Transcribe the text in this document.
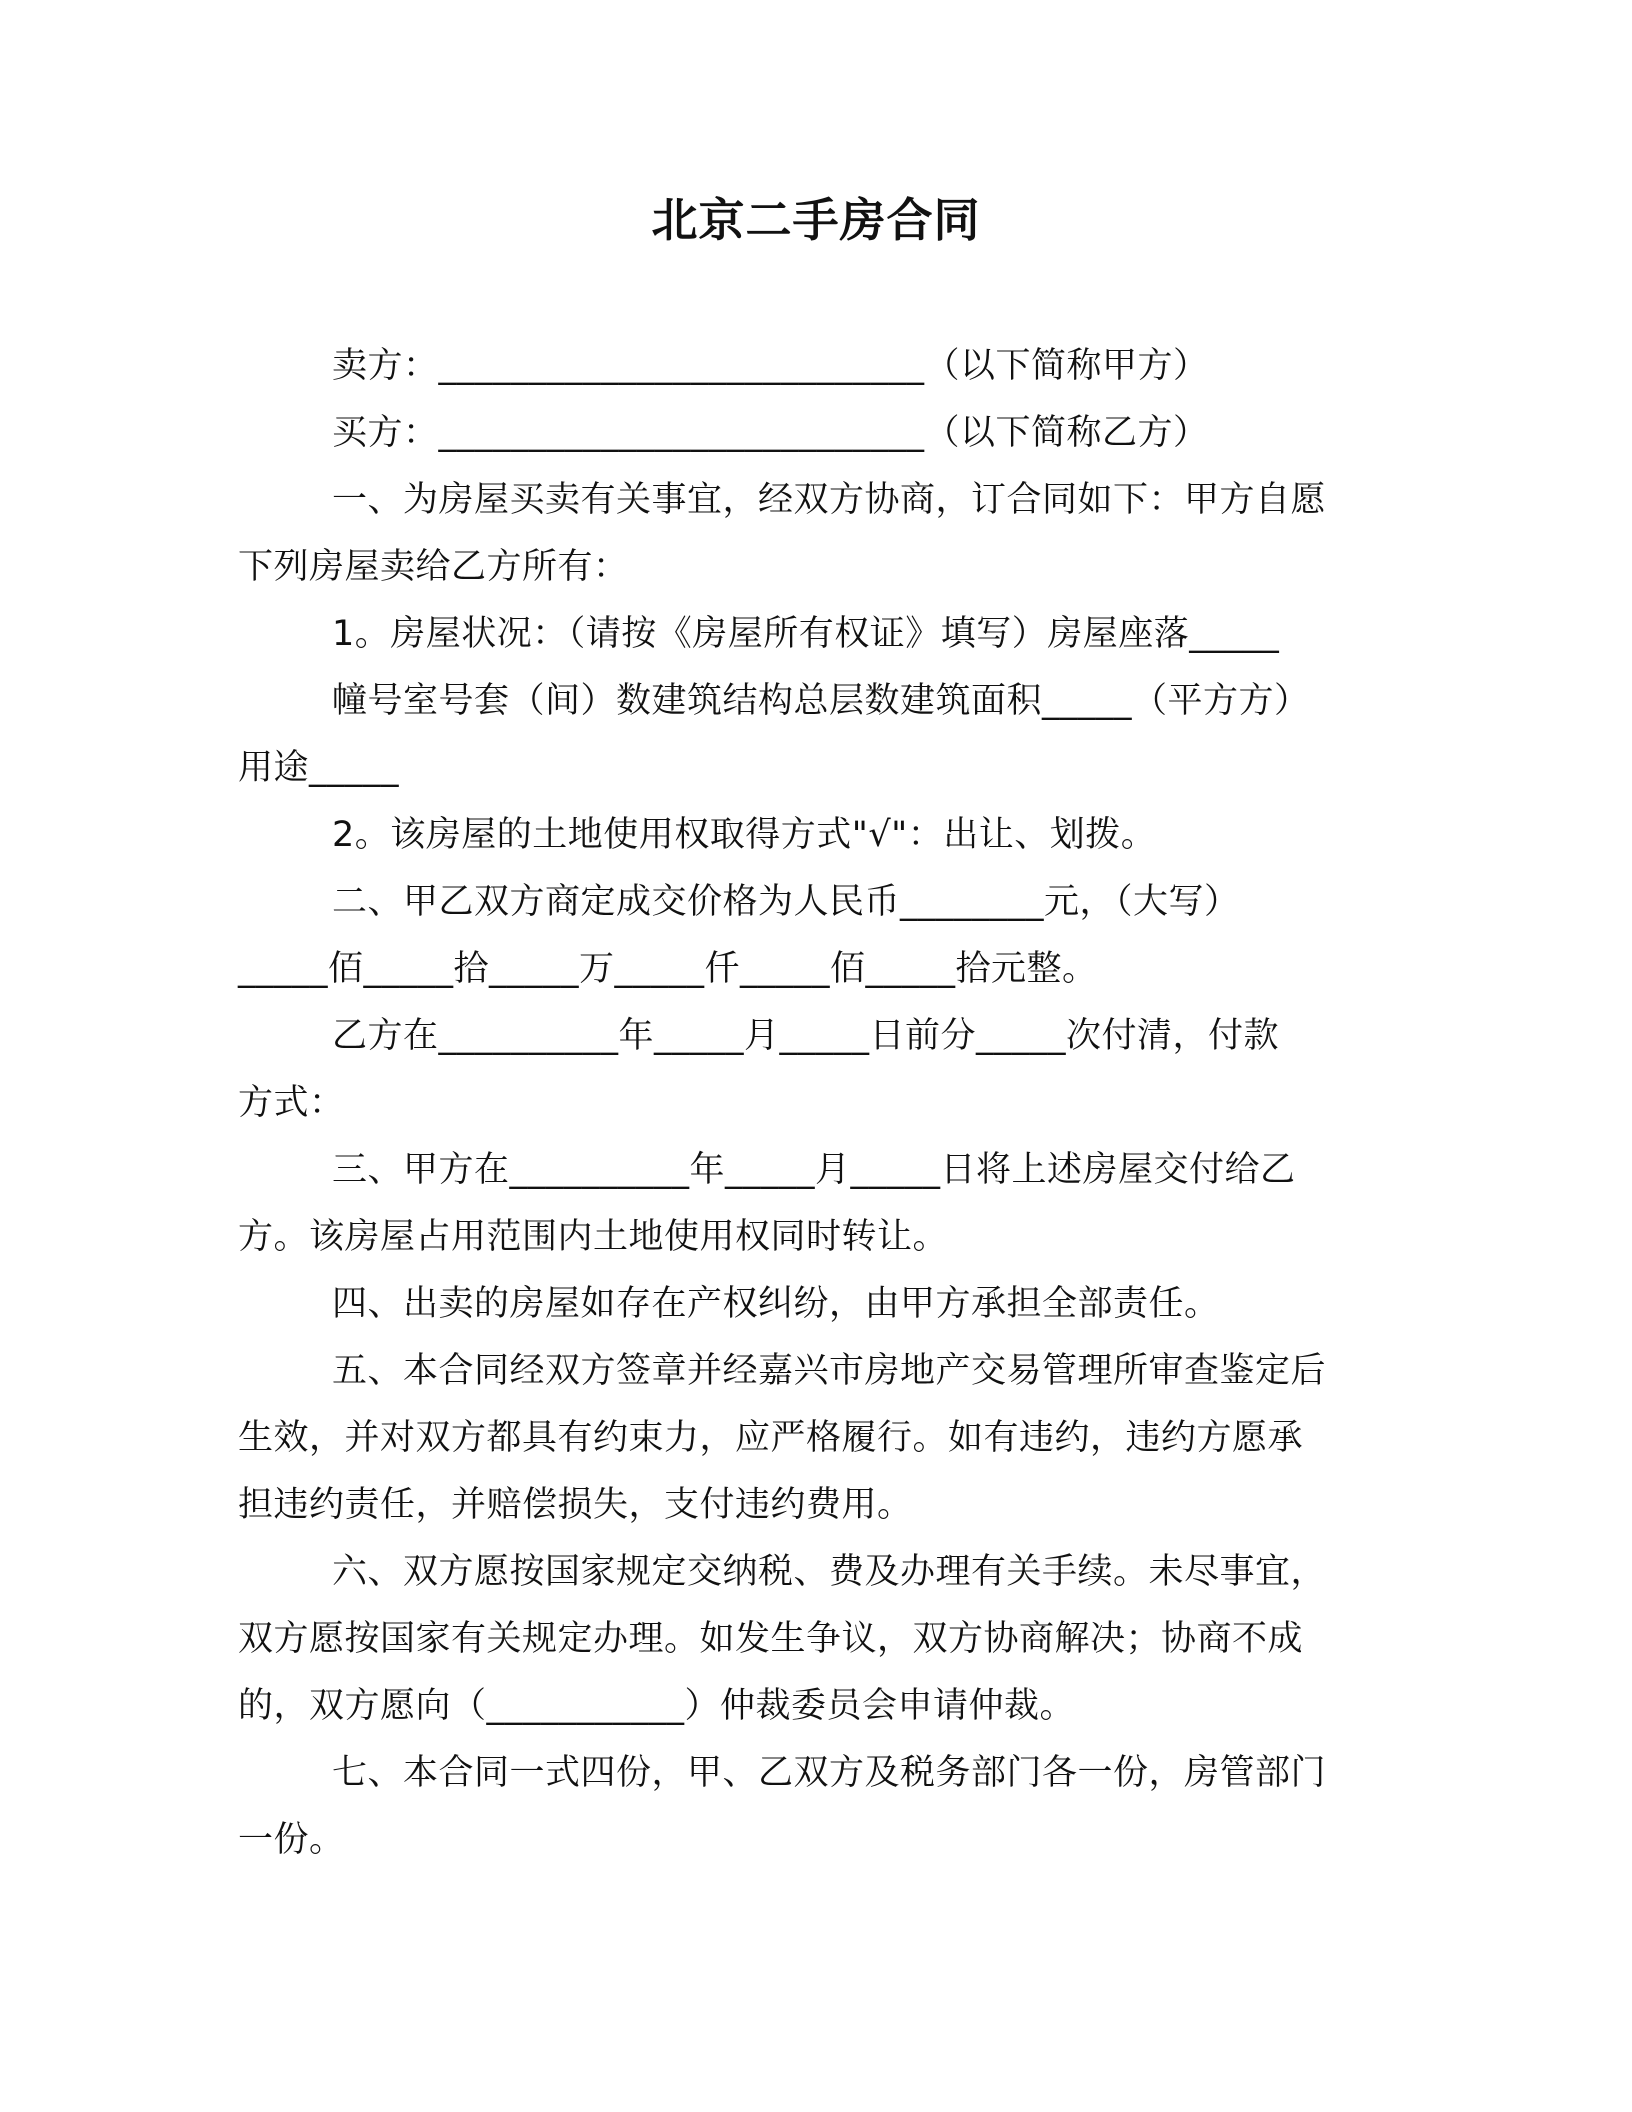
北京二手房合同
卖方：___________________________（以下简称甲方）
买方：___________________________（以下简称乙方）
一、为房屋买卖有关事宜，经双方协商，订合同如下：甲方自愿
下列房屋卖给乙方所有：
1。房屋状况：（请按《房屋所有权证》填写）房屋座落_____
幢号室号套（间）数建筑结构总层数建筑面积_____（平方方）
用途_____
2。该房屋的土地使用权取得方式"√"：出让、划拨。
二、甲乙双方商定成交价格为人民币________元，（大写）
_____佰_____拾_____万_____仟_____佰_____拾元整。
乙方在__________年_____月_____日前分_____次付清，付款
方式：
三、甲方在__________年_____月_____日将上述房屋交付给乙
方。该房屋占用范围内土地使用权同时转让。
四、出卖的房屋如存在产权纠纷，由甲方承担全部责任。
五、本合同经双方签章并经嘉兴市房地产交易管理所审查鉴定后
生效，并对双方都具有约束力，应严格履行。如有违约，违约方愿承
担违约责任，并赔偿损失，支付违约费用。
六、双方愿按国家规定交纳税、费及办理有关手续。未尽事宜，
双方愿按国家有关规定办理。如发生争议，双方协商解决；协商不成
的，双方愿向（___________）仲裁委员会申请仲裁。
七、本合同一式四份，甲、乙双方及税务部门各一份，房管部门
一份。
